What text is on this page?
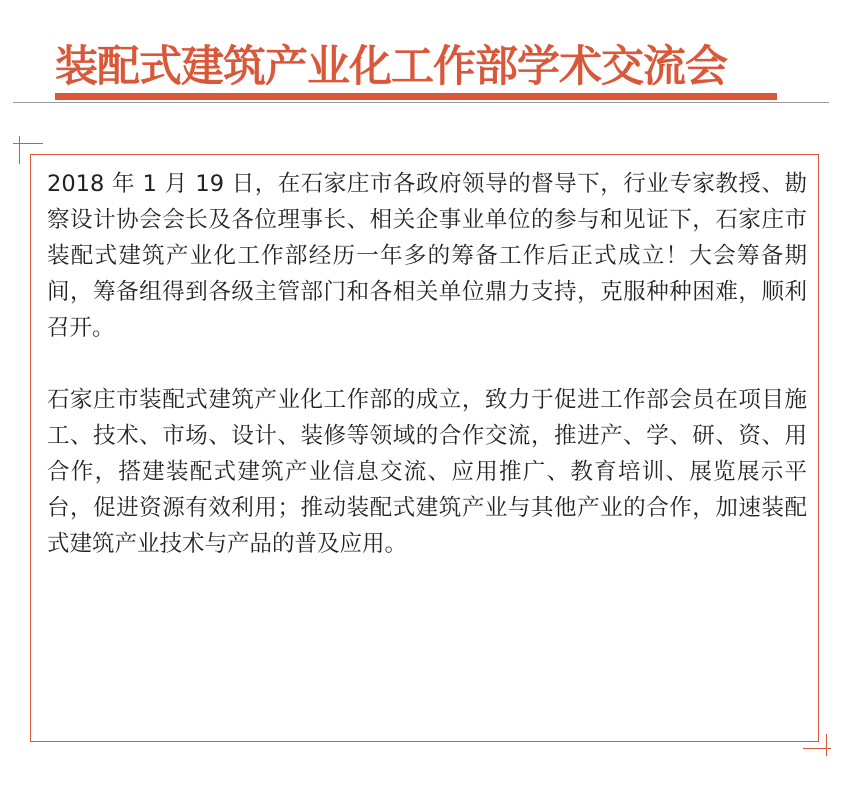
装配式建筑产业化工作部学术交流会

2018 年 1 月 19 日，在石家庄市各政府领导的督导下，行业专家教授、勘察设计协会会长及各位理事长、相关企事业单位的参与和见证下，石家庄市装配式建筑产业化工作部经历一年多的筹备工作后正式成立！大会筹备期间，筹备组得到各级主管部门和各相关单位鼎力支持，克服种种困难，顺利召开。

石家庄市装配式建筑产业化工作部的成立，致力于促进工作部会员在项目施工、技术、市场、设计、装修等领域的合作交流，推进产、学、研、资、用合作，搭建装配式建筑产业信息交流、应用推广、教育培训、展览展示平台，促进资源有效利用；推动装配式建筑产业与其他产业的合作，加速装配式建筑产业技术与产品的普及应用。
